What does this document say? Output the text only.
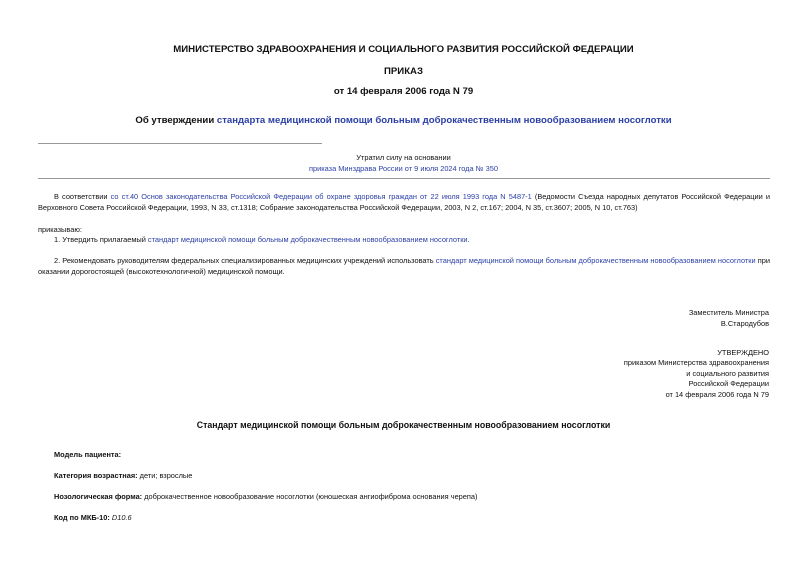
МИНИСТЕРСТВО ЗДРАВООХРАНЕНИЯ И СОЦИАЛЬНОГО РАЗВИТИЯ РОССИЙСКОЙ ФЕДЕРАЦИИ
ПРИКАЗ
от 14 февраля 2006 года N 79
Об утверждении стандарта медицинской помощи больным доброкачественным новообразованием носоглотки
Утратил силу на основании
приказа Минздрава России от 9 июля 2024 года № 350
В соответствии со ст.40 Основ законодательства Российской Федерации об охране здоровья граждан от 22 июля 1993 года N 5487-1 (Ведомости Съезда народных депутатов Российской Федерации и Верховного Совета Российской Федерации, 1993, N 33, ст.1318; Собрание законодательства Российской Федерации, 2003, N 2, ст.167; 2004, N 35, ст.3607; 2005, N 10, ст.763)
приказываю:
1. Утвердить прилагаемый стандарт медицинской помощи больным доброкачественным новообразованием носоглотки.
2. Рекомендовать руководителям федеральных специализированных медицинских учреждений использовать стандарт медицинской помощи больным доброкачественным новообразованием носоглотки при оказании дорогостоящей (высокотехнологичной) медицинской помощи.
Заместитель Министра
В.Стародубов
УТВЕРЖДЕНО
приказом Министерства здравоохранения
и социального развития
Российской Федерации
от 14 февраля 2006 года N 79
Стандарт медицинской помощи больным доброкачественным новообразованием носоглотки
Модель пациента:
Категория возрастная: дети; взрослые
Нозологическая форма: доброкачественное новообразование носоглотки (юношеская ангиофиброма основания черепа)
Код по МКБ-10: D10.6
